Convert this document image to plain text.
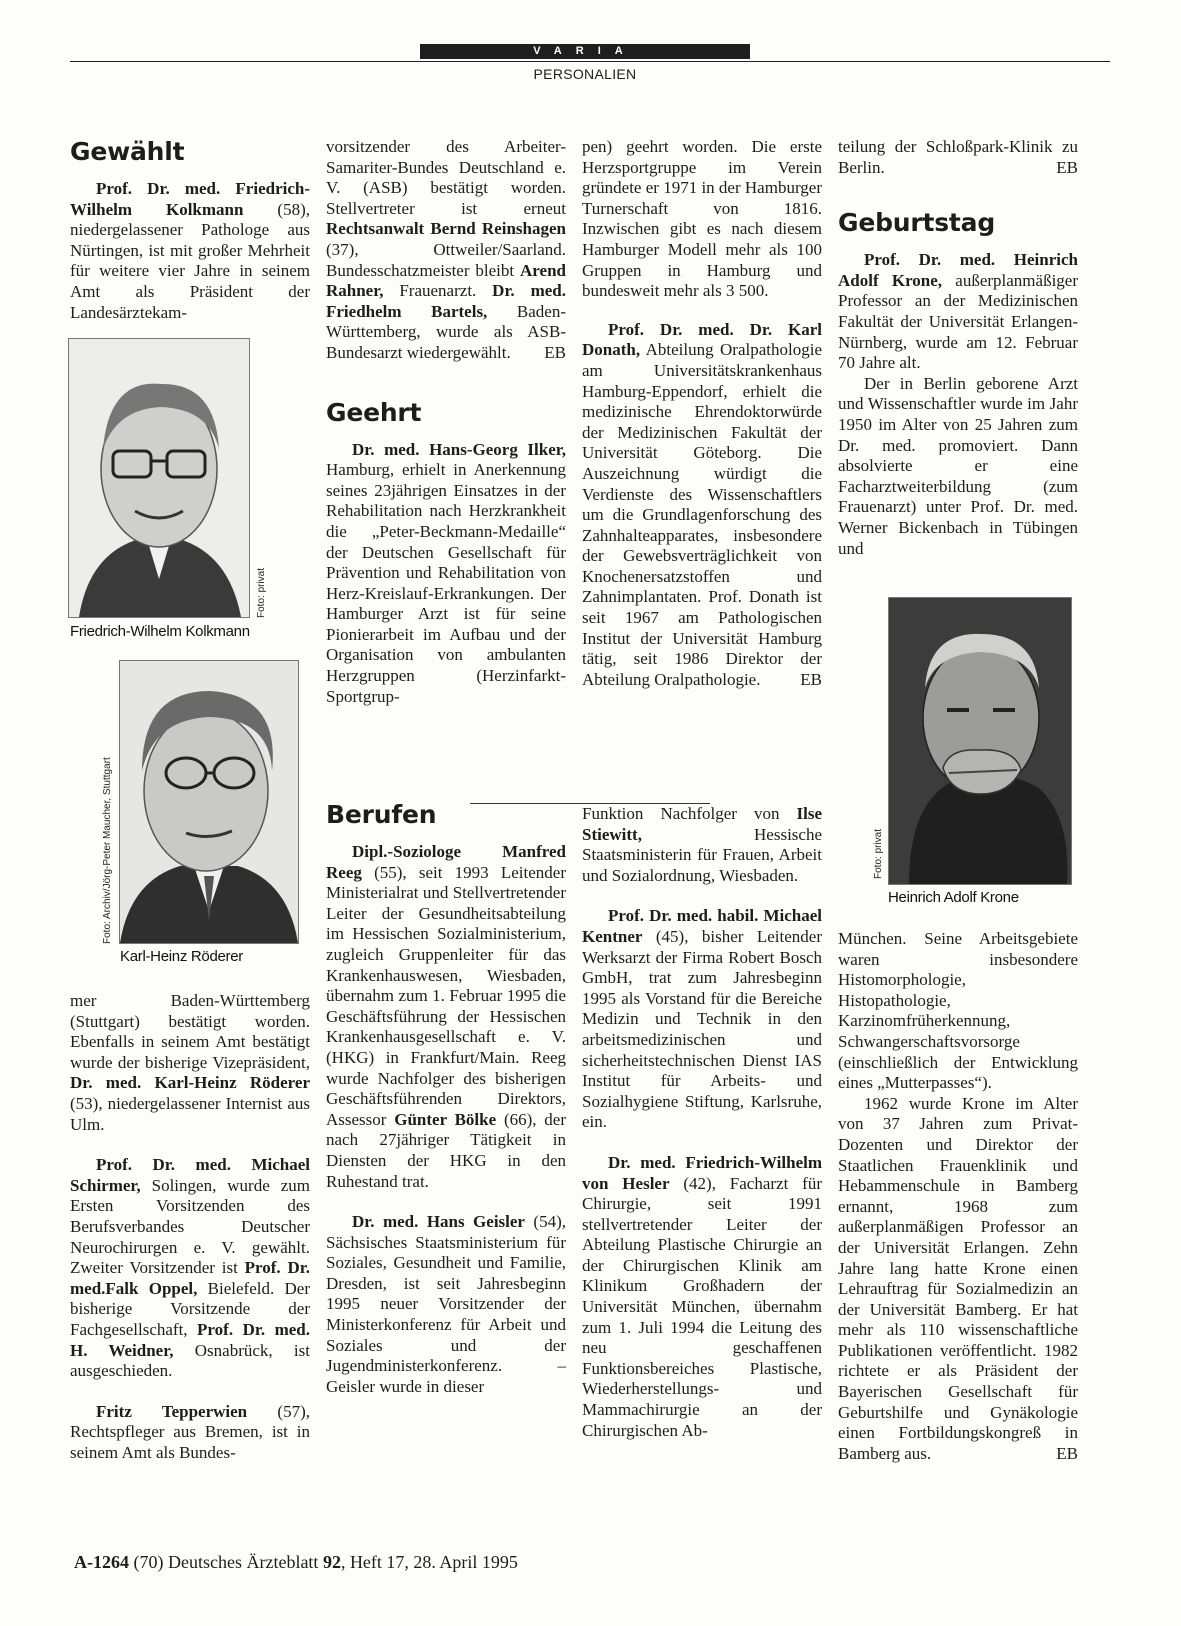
VARIA
PERSONALIEN
Gewählt

Prof. Dr. med. Friedrich-Wilhelm Kolkmann (58), niedergelassener Pathologe aus Nürtingen, ist mit großer Mehrheit für weitere vier Jahre in seinem Amt als Präsident der Landesärztekam-

Foto: privat
Friedrich-Wilhelm Kolkmann
Foto: Archiv/Jörg-Peter Maucher, Stuttgart
Karl-Heinz Röderer

mer Baden-Württemberg (Stuttgart) bestätigt worden. Ebenfalls in seinem Amt bestätigt wurde der bisherige Vizepräsident, Dr. med. Karl-Heinz Röderer (53), niedergelassener Internist aus Ulm.

Prof. Dr. med. Michael Schirmer, Solingen, wurde zum Ersten Vorsitzenden des Berufsverbandes Deutscher Neurochirurgen e. V. gewählt. Zweiter Vorsitzender ist Prof. Dr. med.Falk Oppel, Bielefeld. Der bisherige Vorsitzende der Fachgesellschaft, Prof. Dr. med. H. Weidner, Osnabrück, ist ausgeschieden.

Fritz Tepperwien (57), Rechtspfleger aus Bremen, ist in seinem Amt als Bundes-

vorsitzender des Arbeiter-Samariter-Bundes Deutschland e. V. (ASB) bestätigt worden. Stellvertreter ist erneut Rechtsanwalt Bernd Reinshagen (37), Ottweiler/Saarland. Bundesschatzmeister bleibt Arend Rahner, Frauenarzt. Dr. med. Friedhelm Bartels, Baden-Württemberg, wurde als ASB-Bundesarzt wiedergewählt. EB

Geehrt

Dr. med. Hans-Georg Ilker, Hamburg, erhielt in Anerkennung seines 23jährigen Einsatzes in der Rehabilitation nach Herzkrankheit die „Peter-Beckmann-Medaille“ der Deutschen Gesellschaft für Prävention und Rehabilitation von Herz-Kreislauf-Erkrankungen. Der Hamburger Arzt ist für seine Pionierarbeit im Aufbau und der Organisation von ambulanten Herzgruppen (Herzinfarkt-Sportgrup-

Berufen

Dipl.-Soziologe Manfred Reeg (55), seit 1993 Leitender Ministerialrat und Stellvertretender Leiter der Gesundheitsabteilung im Hessischen Sozialministerium, zugleich Gruppenleiter für das Krankenhauswesen, Wiesbaden, übernahm zum 1. Februar 1995 die Geschäftsführung der Hessischen Krankenhausgesellschaft e. V. (HKG) in Frankfurt/Main. Reeg wurde Nachfolger des bisherigen Geschäftsführenden Direktors, Assessor Günter Bölke (66), der nach 27jähriger Tätigkeit in Diensten der HKG in den Ruhestand trat.

Dr. med. Hans Geisler (54), Sächsisches Staatsministerium für Soziales, Gesundheit und Familie, Dresden, ist seit Jahresbeginn 1995 neuer Vorsitzender der Ministerkonferenz für Arbeit und Soziales und der Jugendministerkonferenz. – Geisler wurde in dieser

pen) geehrt worden. Die erste Herzsportgruppe im Verein gründete er 1971 in der Hamburger Turnerschaft von 1816. Inzwischen gibt es nach diesem Hamburger Modell mehr als 100 Gruppen in Hamburg und bundesweit mehr als 3 500.

Prof. Dr. med. Dr. Karl Donath, Abteilung Oralpathologie am Universitätskrankenhaus Hamburg-Eppendorf, erhielt die medizinische Ehrendoktorwürde der Medizinischen Fakultät der Universität Göteborg. Die Auszeichnung würdigt die Verdienste des Wissenschaftlers um die Grundlagenforschung des Zahnhalteapparates, insbesondere der Gewebsverträglichkeit von Knochenersatzstoffen und Zahnimplantaten. Prof. Donath ist seit 1967 am Pathologischen Institut der Universität Hamburg tätig, seit 1986 Direktor der Abteilung Oralpathologie.	EB

Funktion Nachfolger von Ilse Stiewitt, Hessische Staatsministerin für Frauen, Arbeit und Sozialordnung, Wiesbaden.

Prof. Dr. med. habil. Michael Kentner (45), bisher Leitender Werksarzt der Firma Robert Bosch GmbH, trat zum Jahresbeginn 1995 als Vorstand für die Bereiche Medizin und Technik in den arbeitsmedizinischen und sicherheitstechnischen Dienst IAS Institut für Arbeits- und Sozialhygiene Stiftung, Karlsruhe, ein.

Dr. med. Friedrich-Wilhelm von Hesler (42), Facharzt für Chirurgie, seit 1991 stellvertretender Leiter der Abteilung Plastische Chirurgie an der Chirurgischen Klinik am Klinikum Großhadern der Universität München, übernahm zum 1. Juli 1994 die Leitung des neu geschaffenen Funktionsbereiches Plastische, Wiederherstellungs- und Mammachirurgie an der Chirurgischen Ab-

teilung der Schloßpark-Klinik zu Berlin.	EB

Geburtstag

Prof. Dr. med. Heinrich Adolf Krone, außerplanmäßiger Professor an der Medizinischen Fakultät der Universität Erlangen-Nürnberg, wurde am 12. Februar 70 Jahre alt.

Der in Berlin geborene Arzt und Wissenschaftler wurde im Jahr 1950 im Alter von 25 Jahren zum Dr. med. promoviert. Dann absolvierte er eine Facharztweiterbildung (zum Frauenarzt) unter Prof. Dr. med. Werner Bickenbach in Tübingen und

Foto: privat
Heinrich Adolf Krone

München. Seine Arbeitsgebiete waren insbesondere Histomorphologie, Histopathologie, Karzinomfrüherkennung, Schwangerschaftsvorsorge (einschließlich der Entwicklung eines „Mutterpasses“).

1962 wurde Krone im Alter von 37 Jahren zum Privat-Dozenten und Direktor der Staatlichen Frauenklinik und Hebammenschule in Bamberg ernannt, 1968 zum außerplanmäßigen Professor an der Universität Erlangen. Zehn Jahre lang hatte Krone einen Lehrauftrag für Sozialmedizin an der Universität Bamberg. Er hat mehr als 110 wissenschaftliche Publikationen veröffentlicht. 1982 richtete er als Präsident der Bayerischen Gesellschaft für Geburtshilfe und Gynäkologie einen Fortbildungskongreß in Bamberg aus.	EB

A-1264 (70) Deutsches Ärzteblatt 92, Heft 17, 28. April 1995
